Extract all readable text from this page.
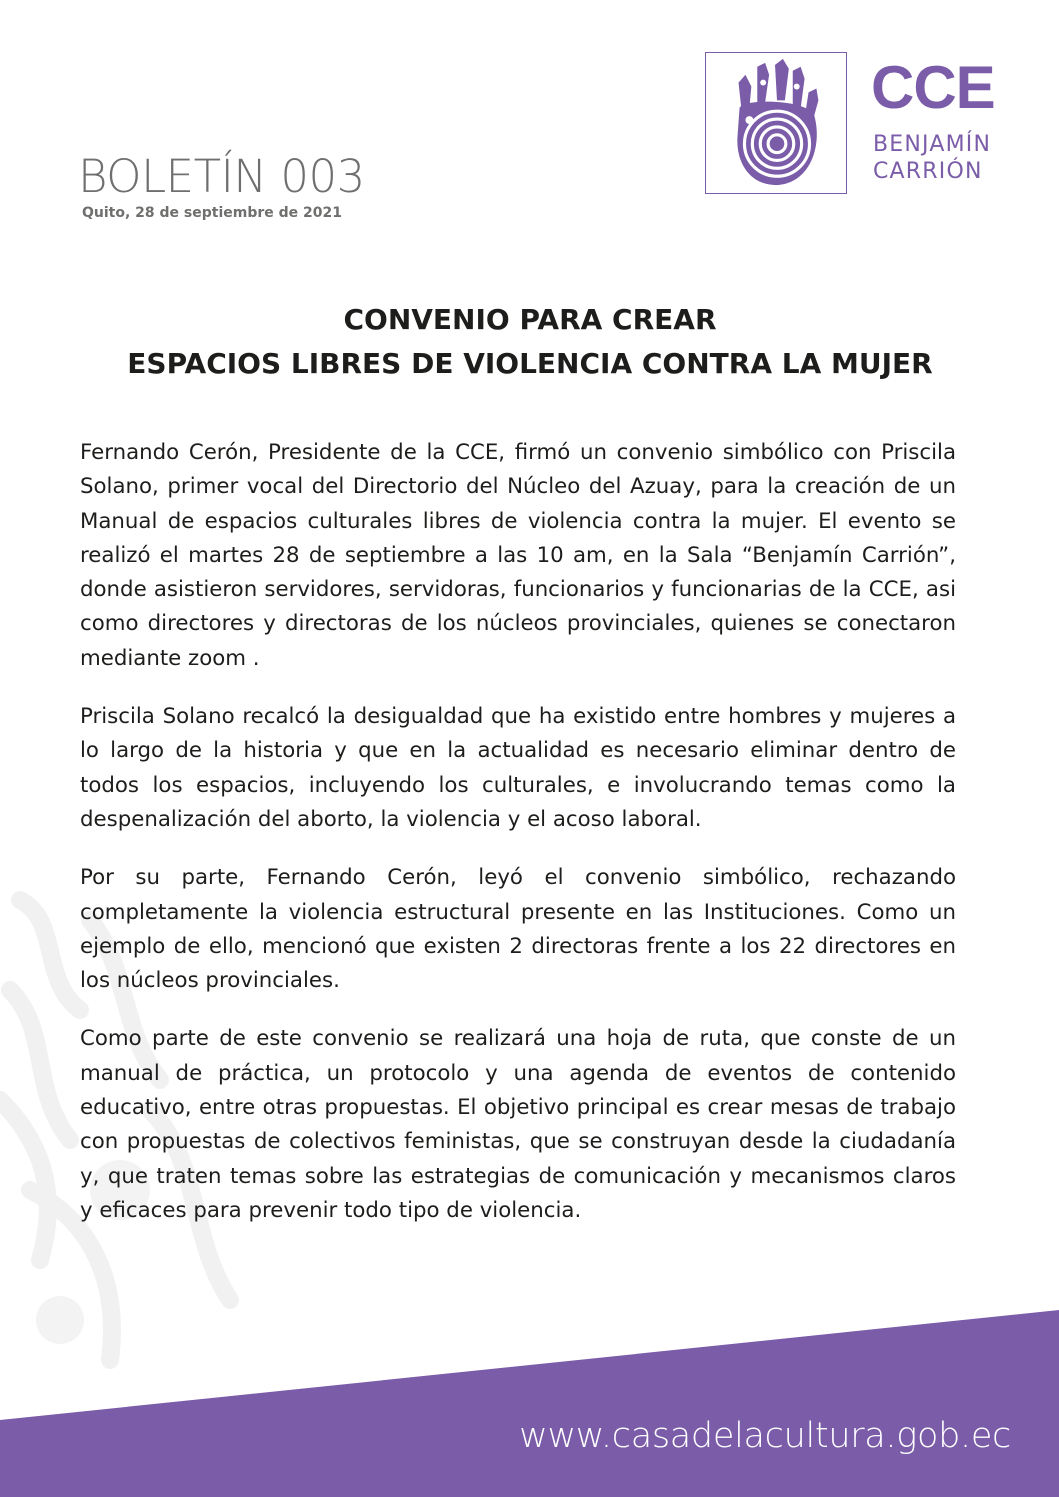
BOLETÍN 003
Quito, 28 de septiembre de 2021
CCE
BENJAMÍN
CARRIÓN
CONVENIO PARA CREAR
ESPACIOS LIBRES DE VIOLENCIA CONTRA LA MUJER

Fernando Cerón, Presidente de la CCE, firmó un convenio simbólico con Priscila Solano, primer vocal del Directorio del Núcleo del Azuay, para la creación de un Manual de espacios culturales libres de violencia contra la mujer. El evento se realizó el martes 28 de septiembre a las 10 am, en la Sala “Benjamín Carrión”, donde asistieron servidores, servidoras, funcionarios y funcionarias de la CCE, asi como directores y directoras de los núcleos provinciales, quienes se conectaron mediante zoom .

Priscila Solano recalcó la desigualdad que ha existido entre hombres y mujeres a lo largo de la historia y que en la actualidad es necesario eliminar dentro de todos los espacios, incluyendo los culturales, e involucrando temas como la despenalización del aborto, la violencia y el acoso laboral.

Por su parte, Fernando Cerón, leyó el convenio simbólico, rechazando completamente la violencia estructural presente en las Instituciones. Como un ejemplo de ello, mencionó que existen 2 directoras frente a los 22 directores en los núcleos provinciales.

Como parte de este convenio se realizará una hoja de ruta, que conste de un manual de práctica, un protocolo y una agenda de eventos de contenido educativo, entre otras propuestas. El objetivo principal es crear mesas de trabajo con propuestas de colectivos feministas, que se construyan desde la ciudadanía y, que traten temas sobre las estrategias de comunicación y mecanismos claros y eficaces para prevenir todo tipo de violencia.

www.casadelacultura.gob.ec
